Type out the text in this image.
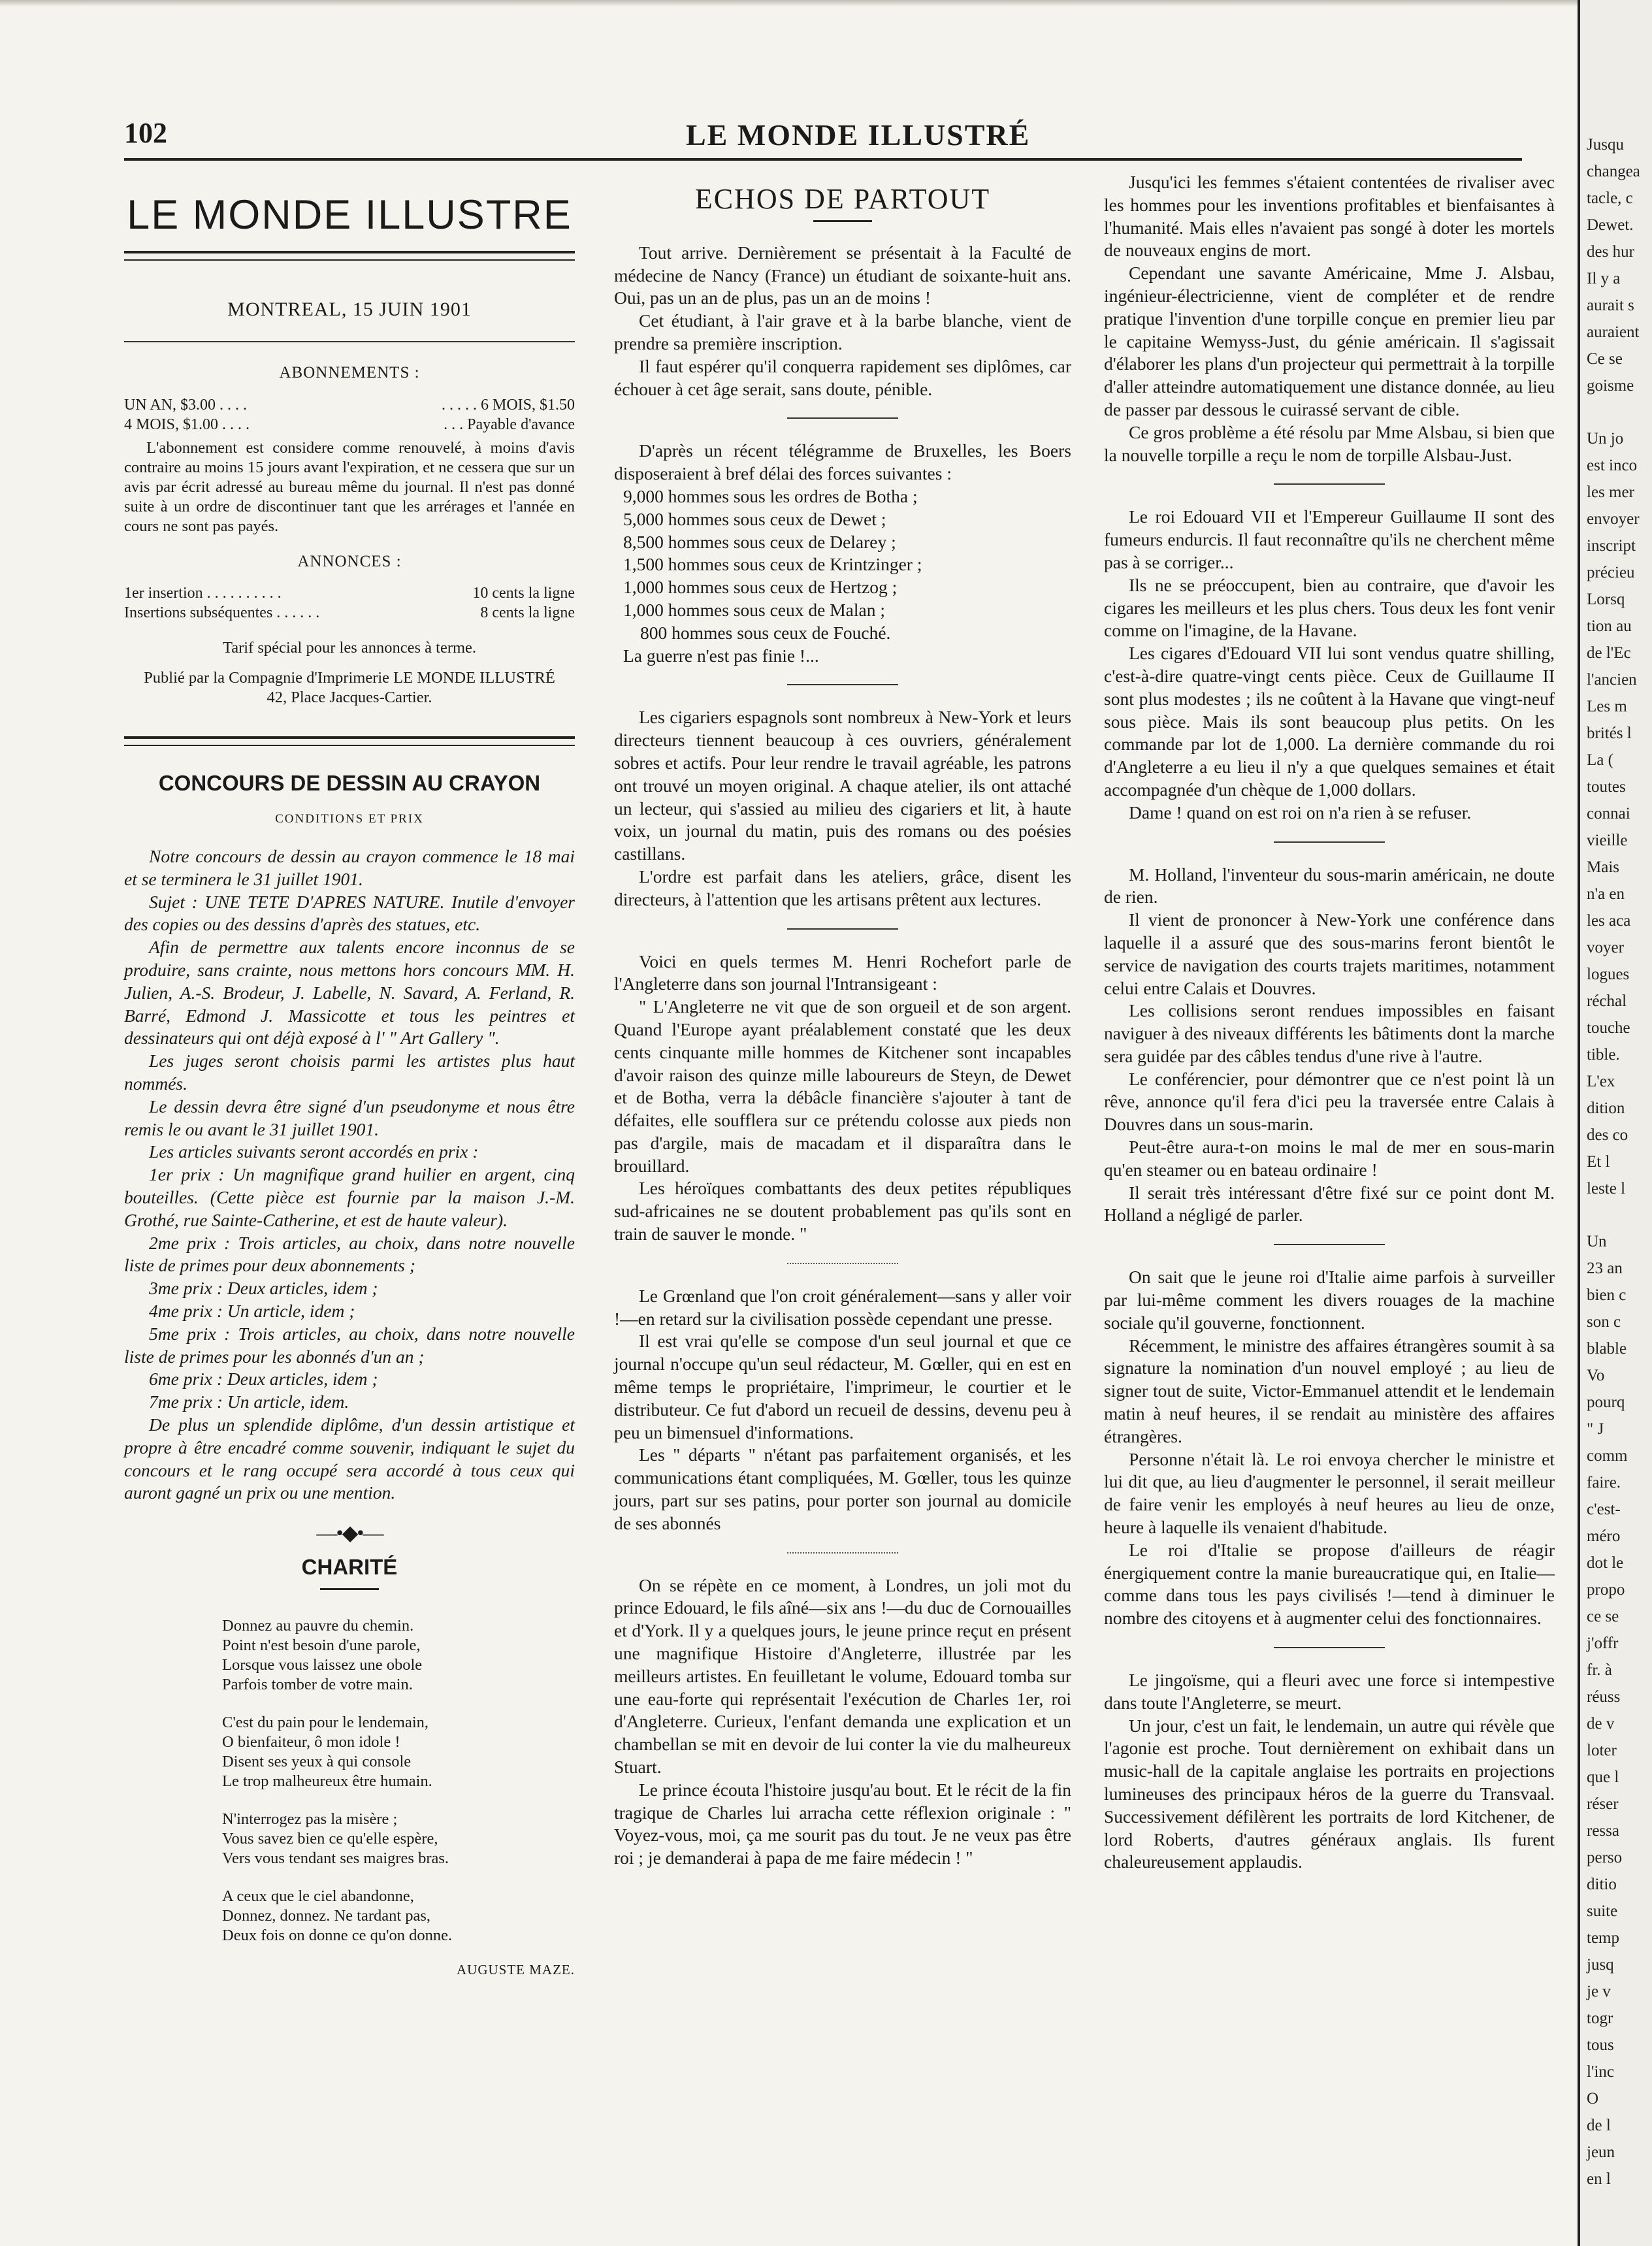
102	LE MONDE ILLUSTRÉ
LE MONDE ILLUSTRE
MONTREAL, 15 JUIN 1901
ABONNEMENTS :
UN AN, $3.00 . . . .	. . . . . 6 MOIS, $1.50
4 MOIS, $1.00 . . . .	. . . Payable d'avance
L'abonnement est considere comme renouvelé, à moins d'avis contraire au moins 15 jours avant l'expiration, et ne cessera que sur un avis par écrit adressé au bureau même du journal. Il n'est pas donné suite à un ordre de discontinuer tant que les arrérages et l'année en cours ne sont pas payés.
ANNONCES :
1er insertion . . . . . . . . . .	10 cents la ligne
Insertions subséquentes . . . . . .	8 cents la ligne
Tarif spécial pour les annonces à terme.
Publié par la Compagnie d'Imprimerie LE MONDE ILLUSTRÉ
42, Place Jacques-Cartier.
CONCOURS DE DESSIN AU CRAYON
CONDITIONS ET PRIX

Notre concours de dessin au crayon commence le 18 mai et se terminera le 31 juillet 1901.

Sujet : UNE TETE D'APRES NATURE. Inutile d'envoyer des copies ou des dessins d'après des statues, etc.

Afin de permettre aux talents encore inconnus de se produire, sans crainte, nous mettons hors concours MM. H. Julien, A.-S. Brodeur, J. Labelle, N. Savard, A. Ferland, R. Barré, Edmond J. Massicotte et tous les peintres et dessinateurs qui ont déjà exposé à l' " Art Gallery ".

Les juges seront choisis parmi les artistes plus haut nommés.

Le dessin devra être signé d'un pseudonyme et nous être remis le ou avant le 31 juillet 1901.

Les articles suivants seront accordés en prix :

1er prix : Un magnifique grand huilier en argent, cinq bouteilles. (Cette pièce est fournie par la maison J.-M. Grothé, rue Sainte-Catherine, et est de haute valeur).

2me prix : Trois articles, au choix, dans notre nouvelle liste de primes pour deux abonnements ;

3me prix : Deux articles, idem ;

4me prix : Un article, idem ;

5me prix : Trois articles, au choix, dans notre nouvelle liste de primes pour les abonnés d'un an ;

6me prix : Deux articles, idem ;

7me prix : Un article, idem.

De plus un splendide diplôme, d'un dessin artistique et propre à être encadré comme souvenir, indiquant le sujet du concours et le rang occupé sera accordé à tous ceux qui auront gagné un prix ou une mention.

—•◆•—
CHARITÉ
Donnez au pauvre du chemin.
Point n'est besoin d'une parole,
Lorsque vous laissez une obole
Parfois tomber de votre main.
C'est du pain pour le lendemain,
O bienfaiteur, ô mon idole !
Disent ses yeux à qui console
Le trop malheureux être humain.
N'interrogez pas la misère ;
Vous savez bien ce qu'elle espère,
Vers vous tendant ses maigres bras.
A ceux que le ciel abandonne,
Donnez, donnez. Ne tardant pas,
Deux fois on donne ce qu'on donne.
AUGUSTE MAZE.
ECHOS DE PARTOUT

Tout arrive. Dernièrement se présentait à la Faculté de médecine de Nancy (France) un étudiant de soixante-huit ans. Oui, pas un an de plus, pas un an de moins !

Cet étudiant, à l'air grave et à la barbe blanche, vient de prendre sa première inscription.

Il faut espérer qu'il conquerra rapidement ses diplômes, car échouer à cet âge serait, sans doute, pénible.

D'après un récent télégramme de Bruxelles, les Boers disposeraient à bref délai des forces suivantes :

9,000 hommes sous les ordres de Botha ;
5,000 hommes sous ceux de Dewet ;
8,500 hommes sous ceux de Delarey ;
1,500 hommes sous ceux de Krintzinger ;
1,000 hommes sous ceux de Hertzog ;
1,000 hommes sous ceux de Malan ;
800 hommes sous ceux de Fouché.

La guerre n'est pas finie !...

Les cigariers espagnols sont nombreux à New-York et leurs directeurs tiennent beaucoup à ces ouvriers, généralement sobres et actifs. Pour leur rendre le travail agréable, les patrons ont trouvé un moyen original. A chaque atelier, ils ont attaché un lecteur, qui s'assied au milieu des cigariers et lit, à haute voix, un journal du matin, puis des romans ou des poésies castillans.

L'ordre est parfait dans les ateliers, grâce, disent les directeurs, à l'attention que les artisans prêtent aux lectures.

Voici en quels termes M. Henri Rochefort parle de l'Angleterre dans son journal l'Intransigeant :

" L'Angleterre ne vit que de son orgueil et de son argent. Quand l'Europe ayant préalablement constaté que les deux cents cinquante mille hommes de Kitchener sont incapables d'avoir raison des quinze mille laboureurs de Steyn, de Dewet et de Botha, verra la débâcle financière s'ajouter à tant de défaites, elle soufflera sur ce prétendu colosse aux pieds non pas d'argile, mais de macadam et il disparaîtra dans le brouillard.

Les héroïques combattants des deux petites républiques sud-africaines ne se doutent probablement pas qu'ils sont en train de sauver le monde. "

Le Grœnland que l'on croit généralement—sans y aller voir !—en retard sur la civilisation possède cependant une presse.

Il est vrai qu'elle se compose d'un seul journal et que ce journal n'occupe qu'un seul rédacteur, M. Gœller, qui en est en même temps le propriétaire, l'imprimeur, le courtier et le distributeur. Ce fut d'abord un recueil de dessins, devenu peu à peu un bimensuel d'informations.

Les " départs " n'étant pas parfaitement organisés, et les communications étant compliquées, M. Gœller, tous les quinze jours, part sur ses patins, pour porter son journal au domicile de ses abonnés

On se répète en ce moment, à Londres, un joli mot du prince Edouard, le fils aîné—six ans !—du duc de Cornouailles et d'York. Il y a quelques jours, le jeune prince reçut en présent une magnifique Histoire d'Angleterre, illustrée par les meilleurs artistes. En feuilletant le volume, Edouard tomba sur une eau-forte qui représentait l'exécution de Charles 1er, roi d'Angleterre. Curieux, l'enfant demanda une explication et un chambellan se mit en devoir de lui conter la vie du malheureux Stuart.

Le prince écouta l'histoire jusqu'au bout. Et le récit de la fin tragique de Charles lui arracha cette réflexion originale : " Voyez-vous, moi, ça me sourit pas du tout. Je ne veux pas être roi ; je demanderai à papa de me faire médecin ! "

Jusqu'ici les femmes s'étaient contentées de rivaliser avec les hommes pour les inventions profitables et bienfaisantes à l'humanité. Mais elles n'avaient pas songé à doter les mortels de nouveaux engins de mort.

Cependant une savante Américaine, Mme J. Alsbau, ingénieur-électricienne, vient de compléter et de rendre pratique l'invention d'une torpille conçue en premier lieu par le capitaine Wemyss-Just, du génie américain. Il s'agissait d'élaborer les plans d'un projecteur qui permettrait à la torpille d'aller atteindre automatiquement une distance donnée, au lieu de passer par dessous le cuirassé servant de cible.

Ce gros problème a été résolu par Mme Alsbau, si bien que la nouvelle torpille a reçu le nom de torpille Alsbau-Just.

Le roi Edouard VII et l'Empereur Guillaume II sont des fumeurs endurcis. Il faut reconnaître qu'ils ne cherchent même pas à se corriger...

Ils ne se préoccupent, bien au contraire, que d'avoir les cigares les meilleurs et les plus chers. Tous deux les font venir comme on l'imagine, de la Havane.

Les cigares d'Edouard VII lui sont vendus quatre shilling, c'est-à-dire quatre-vingt cents pièce. Ceux de Guillaume II sont plus modestes ; ils ne coûtent à la Havane que vingt-neuf sous pièce. Mais ils sont beaucoup plus petits. On les commande par lot de 1,000. La dernière commande du roi d'Angleterre a eu lieu il n'y a que quelques semaines et était accompagnée d'un chèque de 1,000 dollars.

Dame ! quand on est roi on n'a rien à se refuser.

M. Holland, l'inventeur du sous-marin américain, ne doute de rien.

Il vient de prononcer à New-York une conférence dans laquelle il a assuré que des sous-marins feront bientôt le service de navigation des courts trajets maritimes, notamment celui entre Calais et Douvres.

Les collisions seront rendues impossibles en faisant naviguer à des niveaux différents les bâtiments dont la marche sera guidée par des câbles tendus d'une rive à l'autre.

Le conférencier, pour démontrer que ce n'est point là un rêve, annonce qu'il fera d'ici peu la traversée entre Calais à Douvres dans un sous-marin.

Peut-être aura-t-on moins le mal de mer en sous-marin qu'en steamer ou en bateau ordinaire !

Il serait très intéressant d'être fixé sur ce point dont M. Holland a négligé de parler.

On sait que le jeune roi d'Italie aime parfois à surveiller par lui-même comment les divers rouages de la machine sociale qu'il gouverne, fonctionnent.

Récemment, le ministre des affaires étrangères soumit à sa signature la nomination d'un nouvel employé ; au lieu de signer tout de suite, Victor-Emmanuel attendit et le lendemain matin à neuf heures, il se rendait au ministère des affaires étrangères.

Personne n'était là. Le roi envoya chercher le ministre et lui dit que, au lieu d'augmenter le personnel, il serait meilleur de faire venir les employés à neuf heures au lieu de onze, heure à laquelle ils venaient d'habitude.

Le roi d'Italie se propose d'ailleurs de réagir énergiquement contre la manie bureaucratique qui, en Italie—comme dans tous les pays civilisés !—tend à diminuer le nombre des citoyens et à augmenter celui des fonctionnaires.

Le jingoïsme, qui a fleuri avec une force si intempestive dans toute l'Angleterre, se meurt.

Un jour, c'est un fait, le lendemain, un autre qui révèle que l'agonie est proche. Tout dernièrement on exhibait dans un music-hall de la capitale anglaise les portraits en projections lumineuses des principaux héros de la guerre du Transvaal. Successivement défilèrent les portraits de lord Kitchener, de lord Roberts, d'autres généraux anglais. Ils furent chaleureusement applaudis.

Jusqu
changea
tacle, c
Dewet.
des hur
Il y a
aurait s
auraient
Ce se
goisme
Un jo
est inco
les mer
envoyer
inscript
précieu
Lorsq
tion au
de l'Ec
l'ancien
Les m
brités l
La (
toutes
connai
vieille
Mais
n'a en
les aca
voyer
logues
réchal
touche
tible.
L'ex
dition
des co
Et l
leste l
Un
23 an
bien c
son c
blable
Vo
pourq
" J
comm
faire.
c'est-
méro
dot le
propo
ce se
j'offr
fr. à
réuss
de v
loter
que l
réser
ressa
perso
ditio
suite
temp
jusq
je v
togr
tous
l'inc
O
de l
jeun
en l
